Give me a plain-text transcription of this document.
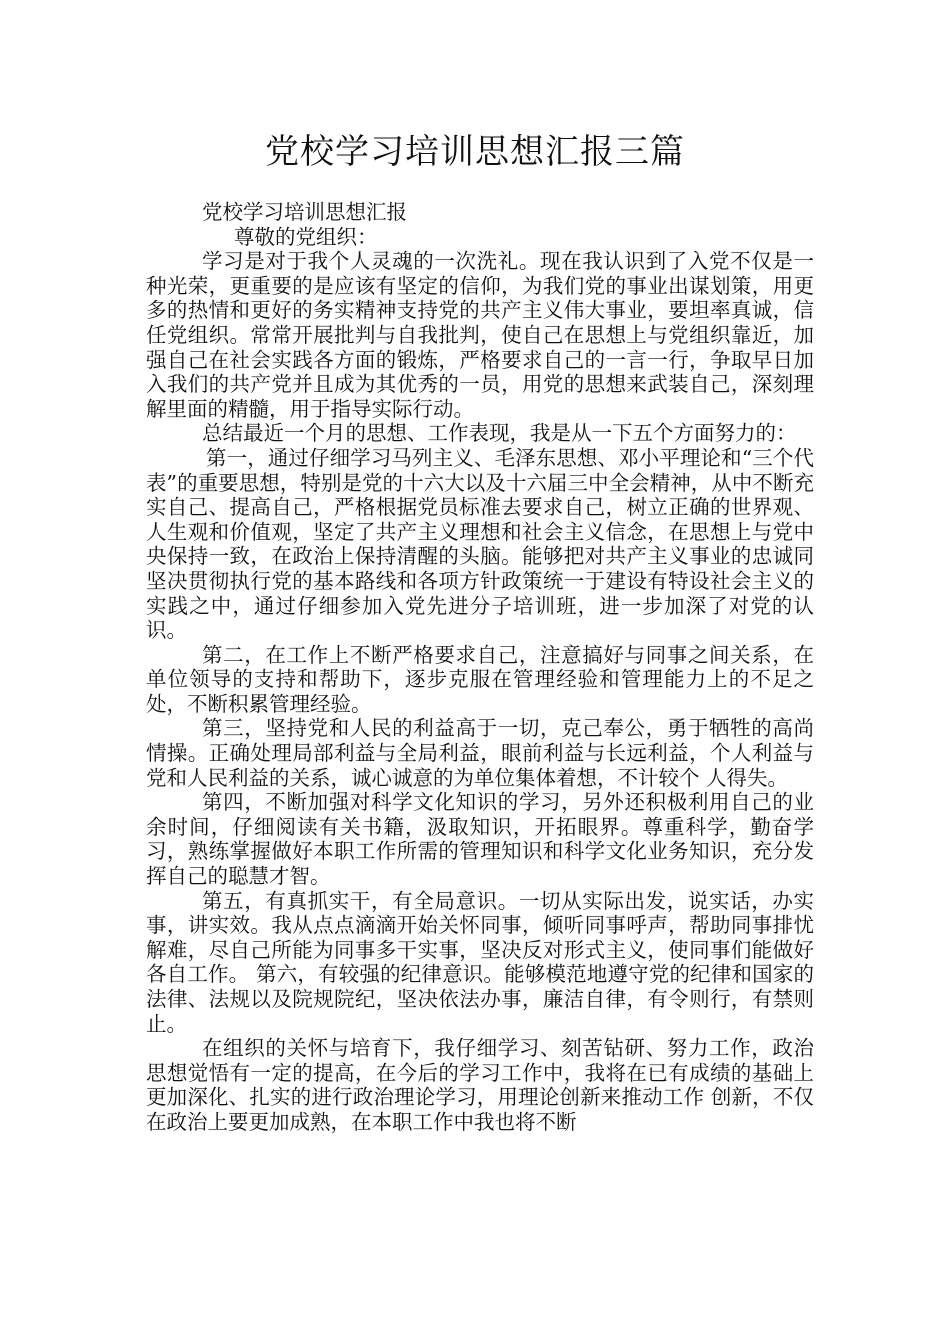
党校学习培训思想汇报三篇

党校学习培训思想汇报

尊敬的党组织：

学习是对于我个人灵魂的一次洗礼。现在我认识到了入党不仅是一种光荣，更重要的是应该有坚定的信仰，为我们党的事业出谋划策，用更多的热情和更好的务实精神支持党的共产主义伟大事业，要坦率真诚，信任党组织。常常开展批判与自我批判，使自己在思想上与党组织靠近，加强自己在社会实践各方面的锻炼，严格要求自己的一言一行，争取早日加入我们的共产党并且成为其优秀的一员，用党的思想来武装自己，深刻理解里面的精髓，用于指导实际行动。

总结最近一个月的思想、工作表现，我是从一下五个方面努力的：

第一，通过仔细学习马列主义、毛泽东思想、邓小平理论和“三个代表”的重要思想，特别是党的十六大以及十六届三中全会精神，从中不断充实自己、提高自己，严格根据党员标准去要求自己，树立正确的世界观、人生观和价值观，坚定了共产主义理想和社会主义信念，在思想上与党中央保持一致，在政治上保持清醒的头脑。能够把对共产主义事业的忠诚同坚决贯彻执行党的基本路线和各项方针政策统一于建设有特设社会主义的实践之中，通过仔细参加入党先进分子培训班，进一步加深了对党的认识。

第二，在工作上不断严格要求自己，注意搞好与同事之间关系，在单位领导的支持和帮助下，逐步克服在管理经验和管理能力上的不足之处，不断积累管理经验。

第三，坚持党和人民的利益高于一切，克己奉公，勇于牺牲的高尚情操。正确处理局部利益与全局利益，眼前利益与长远利益，个人利益与党和人民利益的关系，诚心诚意的为单位集体着想，不计较个 人得失。

第四，不断加强对科学文化知识的学习，另外还积极利用自己的业余时间，仔细阅读有关书籍，汲取知识，开拓眼界。尊重科学，勤奋学习，熟练掌握做好本职工作所需的管理知识和科学文化业务知识，充分发挥自己的聪慧才智。

第五，有真抓实干，有全局意识。一切从实际出发，说实话，办实事，讲实效。我从点点滴滴开始关怀同事，倾听同事呼声，帮助同事排忧解难，尽自己所能为同事多干实事，坚决反对形式主义，使同事们能做好各自工作。 第六，有较强的纪律意识。能够模范地遵守党的纪律和国家的法律、法规以及院规院纪，坚决依法办事，廉洁自律，有令则行，有禁则止。

在组织的关怀与培育下，我仔细学习、刻苦钻研、努力工作，政治思想觉悟有一定的提高，在今后的学习工作中，我将在已有成绩的基础上更加深化、扎实的进行政治理论学习，用理论创新来推动工作 创新，不仅在政治上要更加成熟，在本职工作中我也将不断
